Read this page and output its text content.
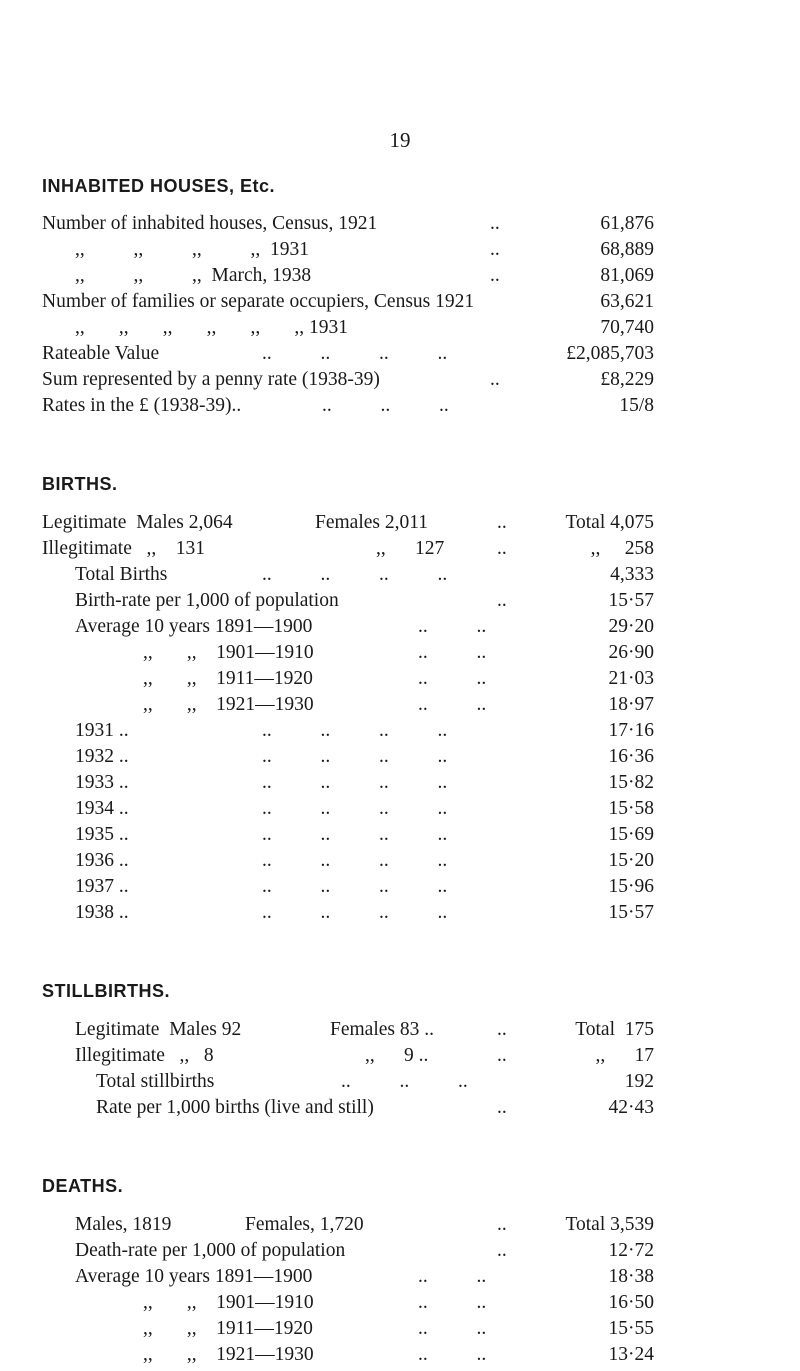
19
INHABITED HOUSES, Etc.
Number of inhabited houses, Census, 1921	..	61,876
,,          ,,          ,,          ,,  1931	..	68,889
,,          ,,          ,,  March, 1938	..	81,069
Number of families or separate occupiers, Census 1921	63,621
,,       ,,       ,,       ,,       ,,       ,, 1931	70,740
Rateable Value	..          ..          ..          ..	£2,085,703
Sum represented by a penny rate (1938-39)	..	£8,229
Rates in the £ (1938-39)..	..          ..          ..	15/8
BIRTHS.
Legitimate  Males 2,064	Females 2,011	..	Total 4,075
Illegitimate   ,,    131	,,      127	..	,,     258
Total Births	..          ..          ..          ..	4,333
Birth-rate per 1,000 of population	..	15·57
Average 10 years 1891—1900	..          ..	29·20
,,       ,,    1901—1910	..          ..	26·90
,,       ,,    1911—1920	..          ..	21·03
,,       ,,    1921—1930	..          ..	18·97
1931 ..	..          ..          ..          ..	17·16
1932 ..	..          ..          ..          ..	16·36
1933 ..	..          ..          ..          ..	15·82
1934 ..	..          ..          ..          ..	15·58
1935 ..	..          ..          ..          ..	15·69
1936 ..	..          ..          ..          ..	15·20
1937 ..	..          ..          ..          ..	15·96
1938 ..	..          ..          ..          ..	15·57
STILLBIRTHS.
Legitimate  Males 92	Females 83 ..	..	Total  175
Illegitimate   ,,   8	,,      9 ..	..	,,      17
Total stillbirths	..          ..          ..	192
Rate per 1,000 births (live and still)	..	42·43
DEATHS.
Males, 1819	Females, 1,720	..	Total 3,539
Death-rate per 1,000 of population	..	12·72
Average 10 years 1891—1900	..          ..	18·38
,,       ,,    1901—1910	..          ..	16·50
,,       ,,    1911—1920	..          ..	15·55
,,       ,,    1921—1930	..          ..	13·24
